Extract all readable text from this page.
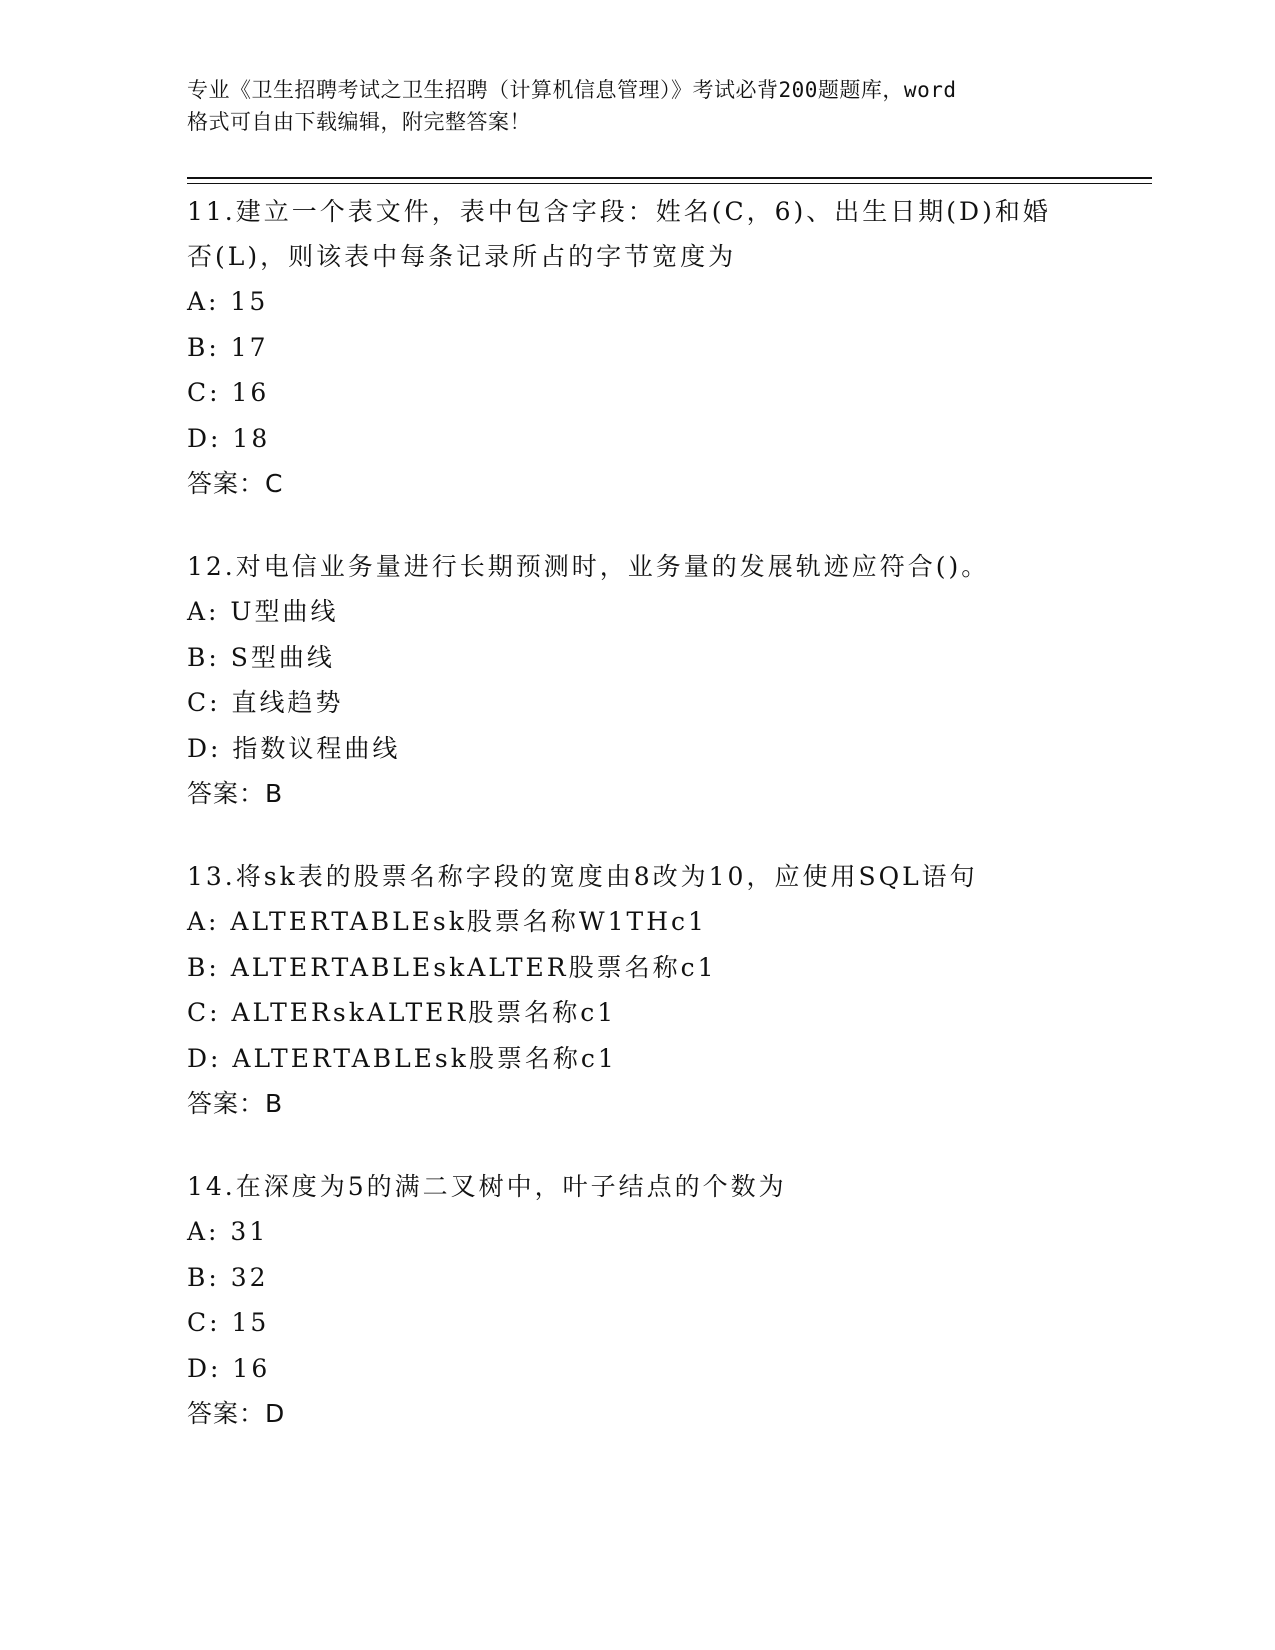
专业《卫生招聘考试之卫生招聘（计算机信息管理）》考试必背200题题库，word
格式可自由下载编辑，附完整答案！
11.建立一个表文件，表中包含字段：姓名(C，6)、出生日期(D)和婚
否(L)，则该表中每条记录所占的字节宽度为
A: 15
B: 17
C: 16
D: 18
答案：C
12.对电信业务量进行长期预测时，业务量的发展轨迹应符合()。
A: U型曲线
B: S型曲线
C: 直线趋势
D: 指数议程曲线
答案：B
13.将sk表的股票名称字段的宽度由8改为10，应使用SQL语句
A: ALTERTABLEsk股票名称W1THc1
B: ALTERTABLEskALTER股票名称c1
C: ALTERskALTER股票名称c1
D: ALTERTABLEsk股票名称c1
答案：B
14.在深度为5的满二叉树中，叶子结点的个数为
A: 31
B: 32
C: 15
D: 16
答案：D
